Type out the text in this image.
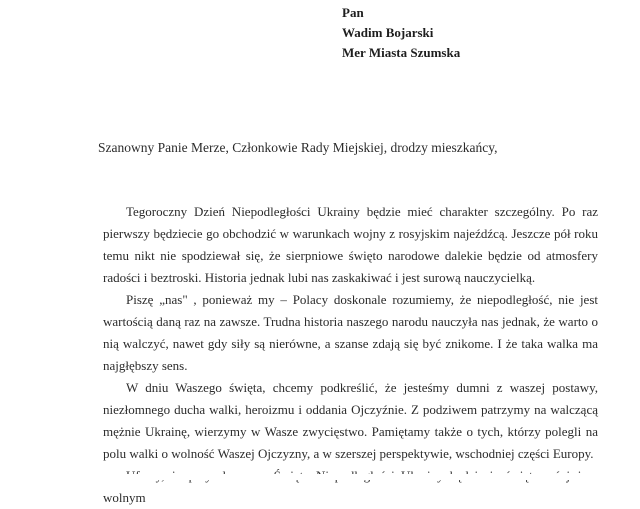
Pan
Wadim Bojarski
Mer Miasta Szumska
Szanowny Panie Merze, Członkowie Rady Miejskiej, drodzy mieszkańcy,

Tegoroczny Dzień Niepodległości Ukrainy będzie mieć charakter szczególny. Po raz pierwszy będziecie go obchodzić w warunkach wojny z rosyjskim najeźdźcą. Jeszcze pół roku temu nikt nie spodziewał się, że sierpniowe święto narodowe dalekie będzie od atmosfery radości i beztroski. Historia jednak lubi nas zaskakiwać i jest surową nauczycielką.

Piszę „nas" , ponieważ my – Polacy doskonale rozumiemy, że niepodległość, nie jest wartością daną raz na zawsze. Trudna historia naszego narodu nauczyła nas jednak, że warto o nią walczyć, nawet gdy siły są nierówne, a szanse zdają się być znikome. I że taka walka ma najgłębszy sens.

W dniu Waszego święta, chcemy podkreślić, że jesteśmy dumni z waszej postawy, niezłomnego ducha walki, heroizmu i oddania Ojczyźnie. Z podziwem patrzymy na walczącą mężnie Ukrainę, wierzymy w Wasze zwycięstwo. Pamiętamy także o tych, którzy polegli na polu walki o wolność Waszej Ojczyzny, a w szerszej perspektywie, wschodniej części Europy.

wolnym
